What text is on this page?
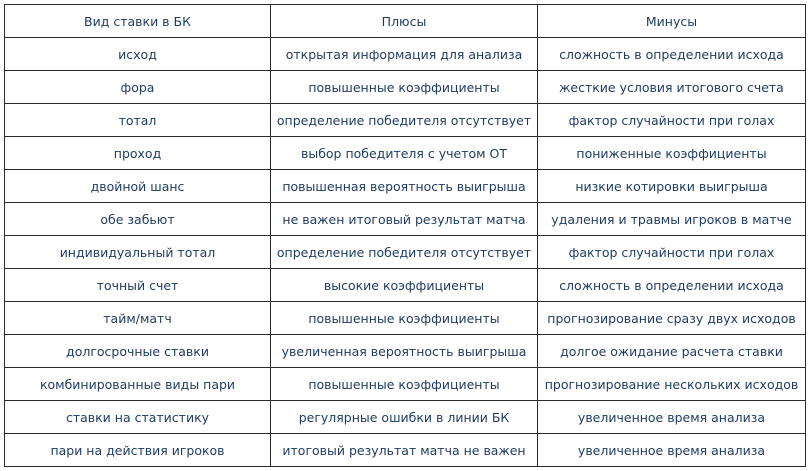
Вид ставки в БК	Плюсы	Минусы
исход	открытая информация для анализа	сложность в определении исхода
фора	повышенные коэффициенты	жесткие условия итогового счета
тотал	определение победителя отсутствует	фактор случайности при голах
проход	выбор победителя с учетом ОТ	пониженные коэффициенты
двойной шанс	повышенная вероятность выигрыша	низкие котировки выигрыша
обе забьют	не важен итоговый результат матча	удаления и травмы игроков в матче
индивидуальный тотал	определение победителя отсутствует	фактор случайности при голах
точный счет	высокие коэффициенты	сложность в определении исхода
тайм/матч	повышенные коэффициенты	прогнозирование сразу двух исходов
долгосрочные ставки	увеличенная вероятность выигрыша	долгое ожидание расчета ставки
комбинированные виды пари	повышенные коэффициенты	прогнозирование нескольких исходов
ставки на статистику	регулярные ошибки в линии БК	увеличенное время анализа
пари на действия игроков	итоговый результат матча не важен	увеличенное время анализа
